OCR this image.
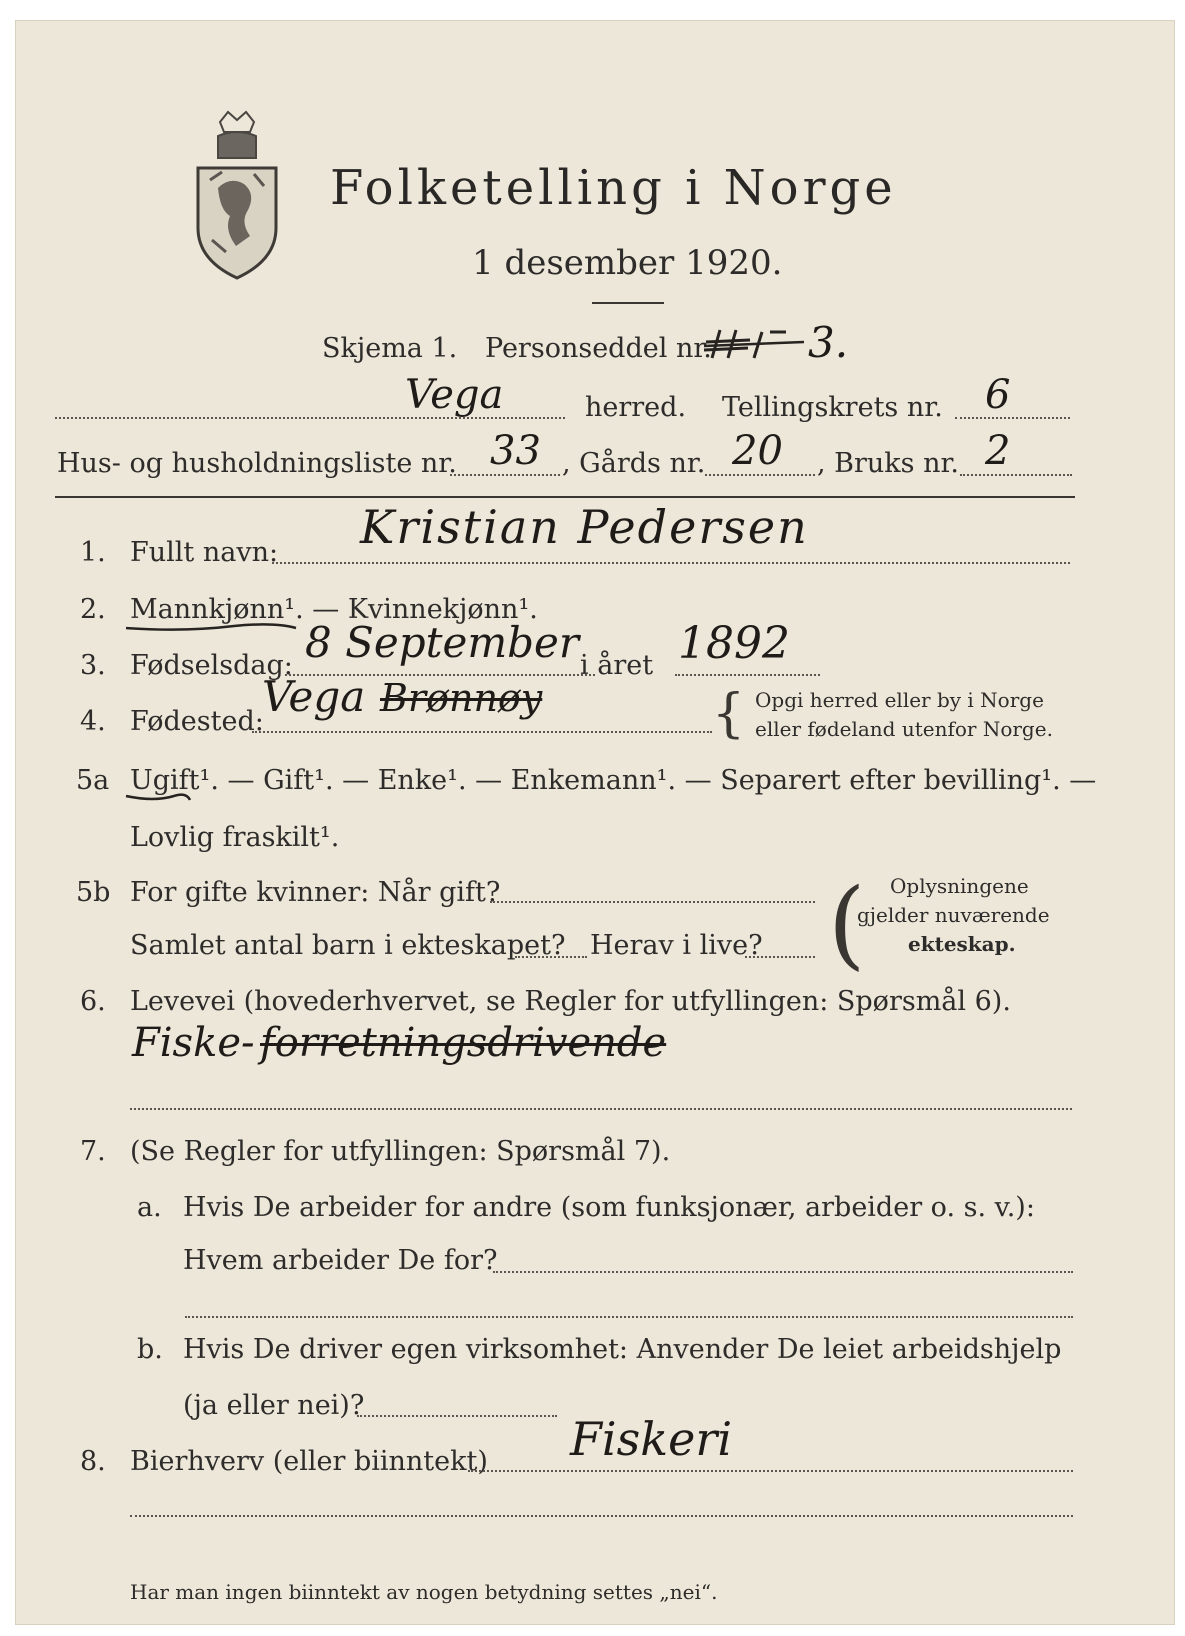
Folketelling i Norge
1 desember 1920.
Skjema 1. Personseddel nr. 3.
Vega	herred. Tellingskrets nr. 6
Hus- og husholdningsliste nr. 33 , Gårds nr. 20 , Bruks nr. 2
1. Fullt navn: Kristian Pedersen
2. Mannkjønn¹. — Kvinnekjønn¹.
3. Fødselsdag: 8 September i året 1892
4. Fødested:
Vega Brønnøy	{ Opgi herred eller by i Norge
eller fødeland utenfor Norge.
5a Ugift¹. — Gift¹. — Enke¹. — Enkemann¹. — Separert efter bevilling¹. —
Lovlig fraskilt¹.
5b For gifte kvinner: Når gift?
Samlet antal barn i ekteskapet? Herav i live? ( Oplysningene
gjelder nuværende
ekteskap.
6. Levevei (hovederhvervet, se Regler for utfyllingen: Spørsmål 6).
Fiske- forretningsdrivende
7. (Se Regler for utfyllingen: Spørsmål 7).
a. Hvis De arbeider for andre (som funksjonær, arbeider o. s. v.):
Hvem arbeider De for?
b. Hvis De driver egen virksomhet: Anvender De leiet arbeidshjelp
(ja eller nei)?
8. Bierhverv (eller biinntekt) Fiskeri
Har man ingen biinntekt av nogen betydning settes „nei“.
